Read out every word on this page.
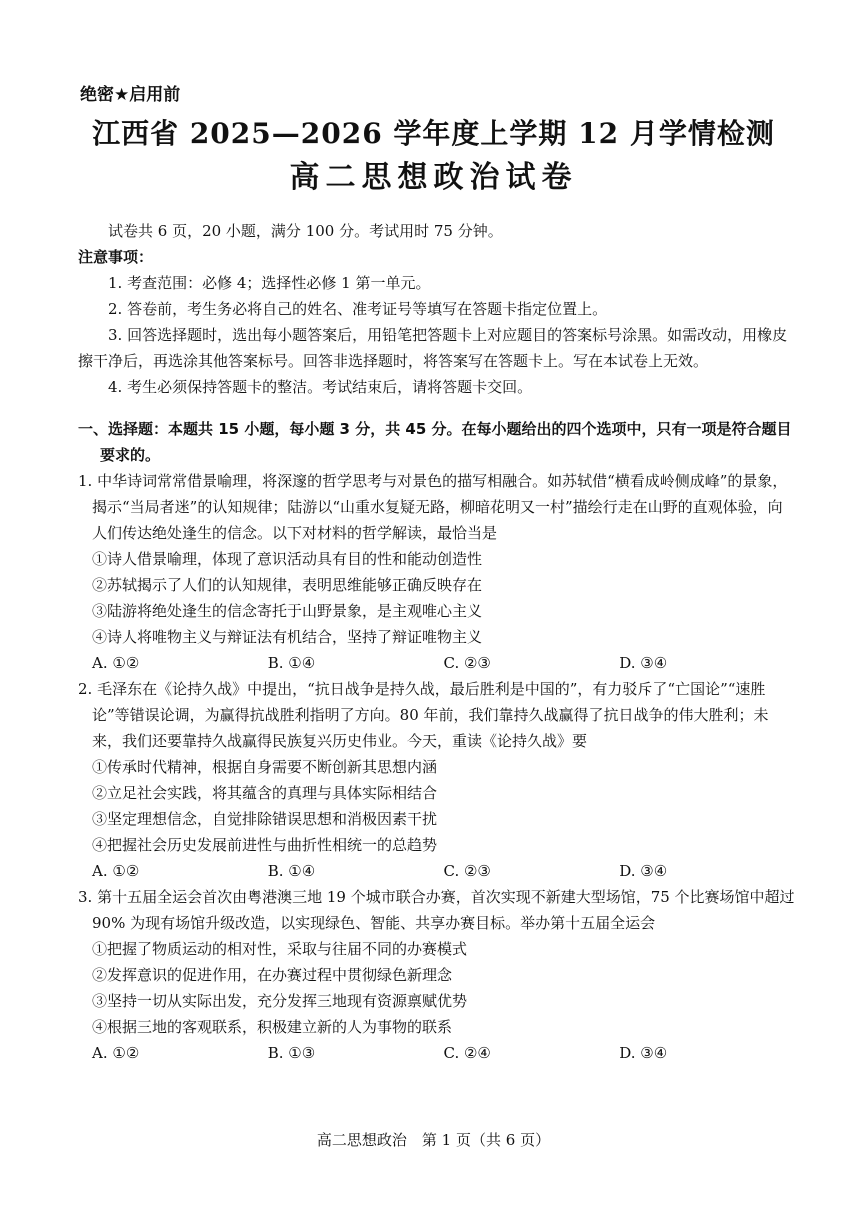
绝密★启用前
江西省 2025—2026 学年度上学期 12 月学情检测
高二思想政治试卷

试卷共 6 页，20 小题，满分 100 分。考试用时 75 分钟。

注意事项：

1. 考查范围：必修 4；选择性必修 1 第一单元。

2. 答卷前，考生务必将自己的姓名、准考证号等填写在答题卡指定位置上。

3. 回答选择题时，选出每小题答案后，用铅笔把答题卡上对应题目的答案标号涂黑。如需改动，用橡皮擦干净后，再选涂其他答案标号。回答非选择题时，将答案写在答题卡上。写在本试卷上无效。

4. 考生必须保持答题卡的整洁。考试结束后，请将答题卡交回。

一、选择题：本题共 15 小题，每小题 3 分，共 45 分。在每小题给出的四个选项中，只有一项是符合题目要求的。

1. 中华诗词常常借景喻理，将深邃的哲学思考与对景色的描写相融合。如苏轼借“横看成岭侧成峰”的景象，揭示“当局者迷”的认知规律；陆游以“山重水复疑无路，柳暗花明又一村”描绘行走在山野的直观体验，向人们传达绝处逢生的信念。以下对材料的哲学解读，最恰当是

①诗人借景喻理，体现了意识活动具有目的性和能动创造性

②苏轼揭示了人们的认知规律，表明思维能够正确反映存在

③陆游将绝处逢生的信念寄托于山野景象，是主观唯心主义

④诗人将唯物主义与辩证法有机结合，坚持了辩证唯物主义

A. ①②	B. ①④	C. ②③	D. ③④

2. 毛泽东在《论持久战》中提出，“抗日战争是持久战，最后胜利是中国的”，有力驳斥了“亡国论”“速胜论”等错误论调，为赢得抗战胜利指明了方向。80 年前，我们靠持久战赢得了抗日战争的伟大胜利；未来，我们还要靠持久战赢得民族复兴历史伟业。今天，重读《论持久战》要

①传承时代精神，根据自身需要不断创新其思想内涵

②立足社会实践，将其蕴含的真理与具体实际相结合

③坚定理想信念，自觉排除错误思想和消极因素干扰

④把握社会历史发展前进性与曲折性相统一的总趋势

A. ①②	B. ①④	C. ②③	D. ③④

3. 第十五届全运会首次由粤港澳三地 19 个城市联合办赛，首次实现不新建大型场馆，75 个比赛场馆中超过 90% 为现有场馆升级改造，以实现绿色、智能、共享办赛目标。举办第十五届全运会

①把握了物质运动的相对性，采取与往届不同的办赛模式

②发挥意识的促进作用，在办赛过程中贯彻绿色新理念

③坚持一切从实际出发，充分发挥三地现有资源禀赋优势

④根据三地的客观联系，积极建立新的人为事物的联系

A. ①②	B. ①③	C. ②④	D. ③④
高二思想政治　第 1 页（共 6 页）
